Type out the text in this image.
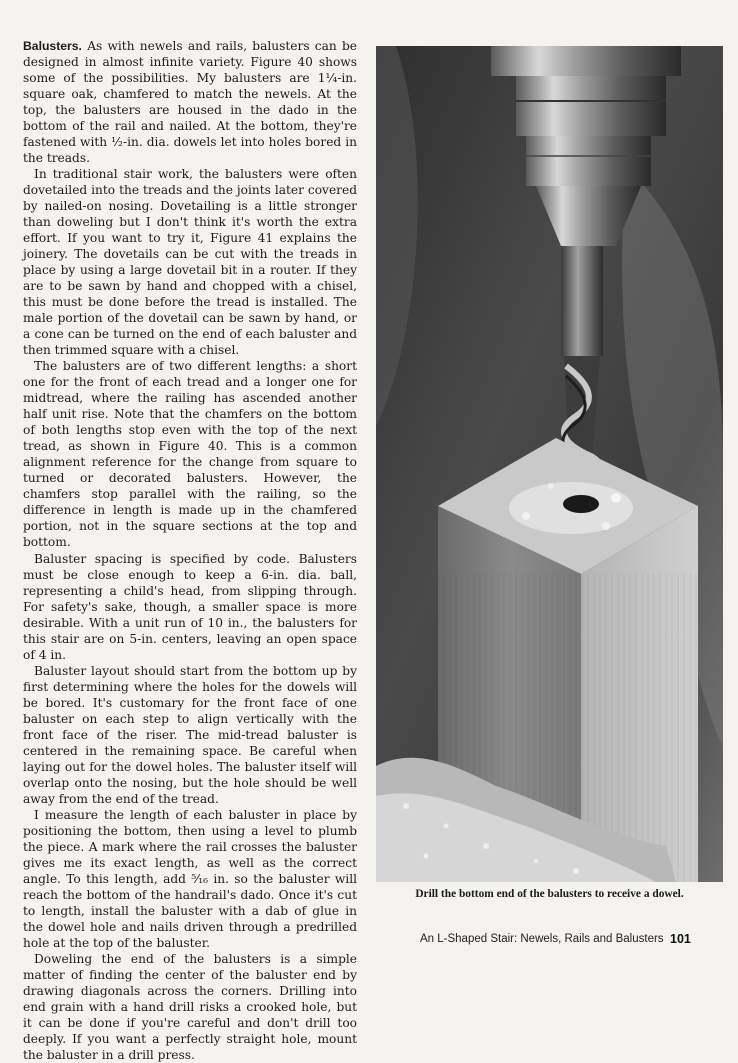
Balusters. As with newels and rails, balusters can be designed in almost infinite variety. Figure 40 shows some of the possibilities. My balusters are 1¼-in. square oak, chamfered to match the newels. At the top, the balusters are housed in the dado in the bottom of the rail and nailed. At the bottom, they're fastened with ½-in. dia. dowels let into holes bored in the treads.

In traditional stair work, the balusters were often dovetailed into the treads and the joints later covered by nailed-on nosing. Dovetailing is a little stronger than doweling but I don't think it's worth the extra effort. If you want to try it, Figure 41 explains the joinery. The dovetails can be cut with the treads in place by using a large dovetail bit in a router. If they are to be sawn by hand and chopped with a chisel, this must be done before the tread is installed. The male portion of the dovetail can be sawn by hand, or a cone can be turned on the end of each baluster and then trimmed square with a chisel.

The balusters are of two different lengths: a short one for the front of each tread and a longer one for midtread, where the railing has ascended another half unit rise. Note that the chamfers on the bottom of both lengths stop even with the top of the next tread, as shown in Figure 40. This is a common alignment reference for the change from square to turned or decorated balusters. However, the chamfers stop parallel with the railing, so the difference in length is made up in the chamfered portion, not in the square sections at the top and bottom.

Baluster spacing is specified by code. Balusters must be close enough to keep a 6-in. dia. ball, representing a child's head, from slipping through. For safety's sake, though, a smaller space is more desirable. With a unit run of 10 in., the balusters for this stair are on 5-in. centers, leaving an open space of 4 in.

Baluster layout should start from the bottom up by first determining where the holes for the dowels will be bored. It's customary for the front face of one baluster on each step to align vertically with the front face of the riser. The mid-tread baluster is centered in the remaining space. Be careful when laying out for the dowel holes. The baluster itself will overlap onto the nosing, but the hole should be well away from the end of the tread.

I measure the length of each baluster in place by positioning the bottom, then using a level to plumb the piece. A mark where the rail crosses the baluster gives me its exact length, as well as the correct angle. To this length, add ⁵⁄₁₆ in. so the baluster will reach the bottom of the handrail's dado. Once it's cut to length, install the baluster with a dab of glue in the dowel hole and nails driven through a predrilled hole at the top of the baluster.

Doweling the end of the balusters is a simple matter of finding the center of the baluster end by drawing diagonals across the corners. Drilling into end grain with a hand drill risks a crooked hole, but it can be done if you're careful and don't drill too deeply. If you want a perfectly straight hole, mount the baluster in a drill press.

Drill the bottom end of the balusters to receive a dowel.
An L-Shaped Stair: Newels, Rails and Balusters 101
